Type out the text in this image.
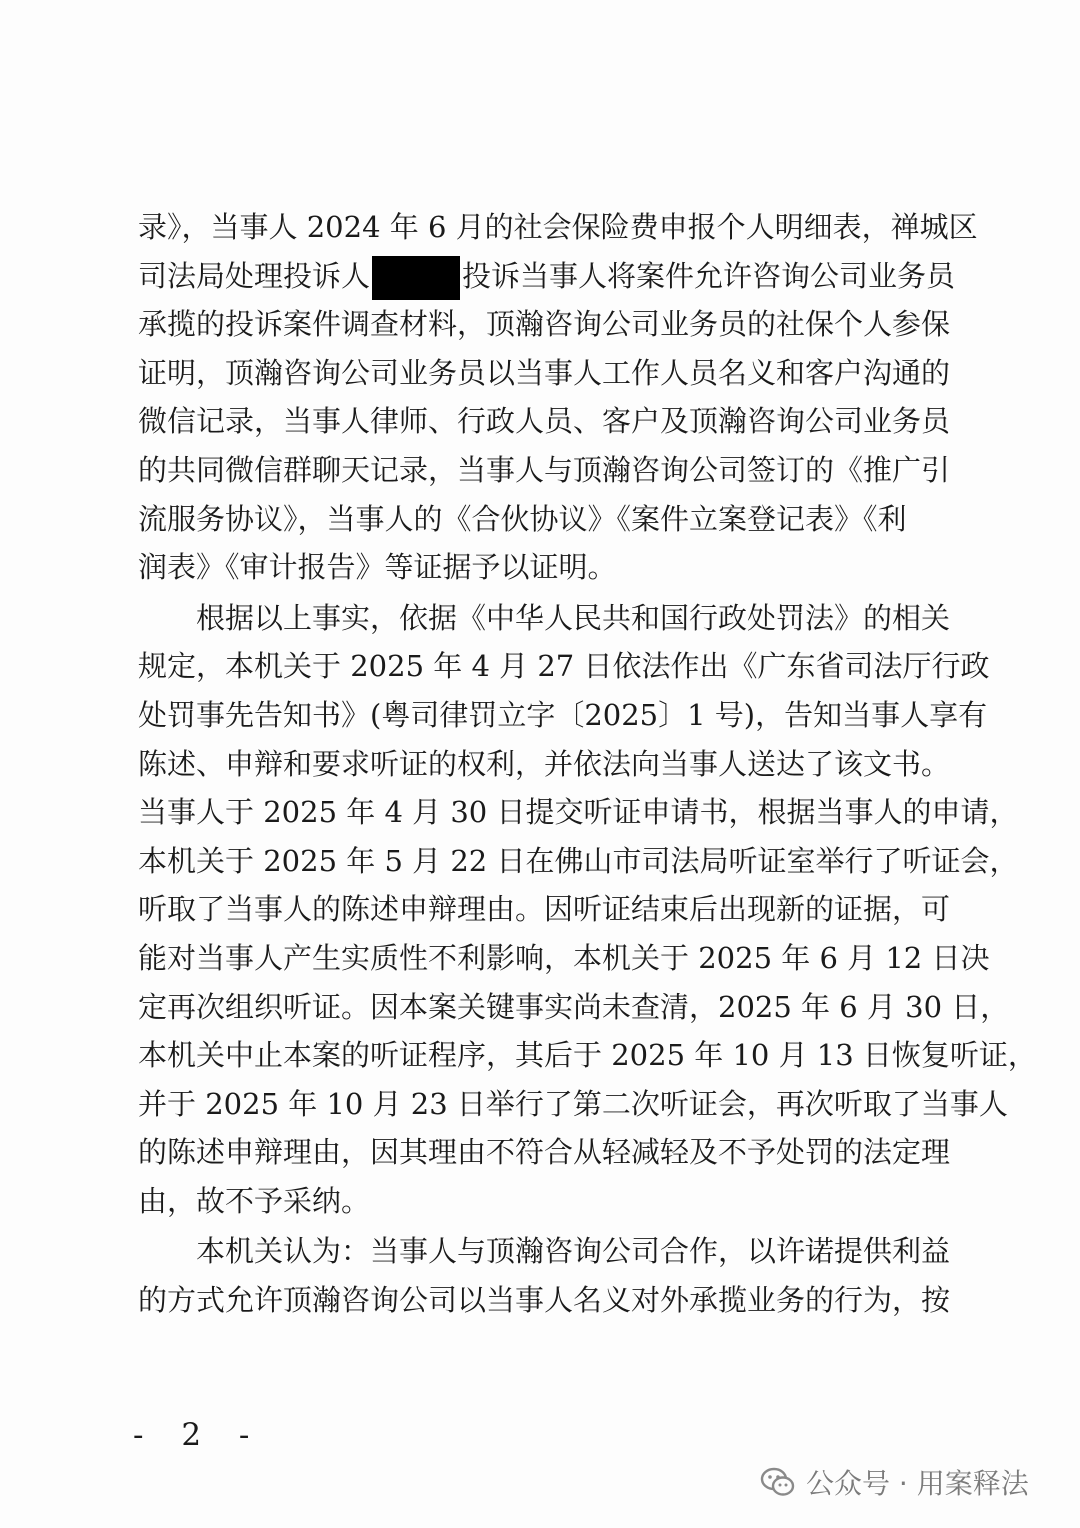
录》，当事人 2024 年 6 月的社会保险费申报个人明细表，禅城区
司法局处理投诉人	投诉当事人将案件允许咨询公司业务员
承揽的投诉案件调查材料，顶瀚咨询公司业务员的社保个人参保
证明，顶瀚咨询公司业务员以当事人工作人员名义和客户沟通的
微信记录，当事人律师、行政人员、客户及顶瀚咨询公司业务员
的共同微信群聊天记录，当事人与顶瀚咨询公司签订的《推广引
流服务协议》，当事人的《合伙协议》《案件立案登记表》《利
润表》《审计报告》等证据予以证明。
　　根据以上事实，依据《中华人民共和国行政处罚法》的相关
规定，本机关于 2025 年 4 月 27 日依法作出《广东省司法厅行政
处罚事先告知书》(粤司律罚立字〔2025〕1 号)，告知当事人享有
陈述、申辩和要求听证的权利，并依法向当事人送达了该文书。
当事人于 2025 年 4 月 30 日提交听证申请书，根据当事人的申请，
本机关于 2025 年 5 月 22 日在佛山市司法局听证室举行了听证会，
听取了当事人的陈述申辩理由。因听证结束后出现新的证据，可
能对当事人产生实质性不利影响，本机关于 2025 年 6 月 12 日决
定再次组织听证。因本案关键事实尚未查清，2025 年 6 月 30 日，
本机关中止本案的听证程序，其后于 2025 年 10 月 13 日恢复听证，
并于 2025 年 10 月 23 日举行了第二次听证会，再次听取了当事人
的陈述申辩理由，因其理由不符合从轻减轻及不予处罚的法定理
由，故不予采纳。
　　本机关认为：当事人与顶瀚咨询公司合作，以许诺提供利益
的方式允许顶瀚咨询公司以当事人名义对外承揽业务的行为，按
- 2 -
公众号 · 用案释法
